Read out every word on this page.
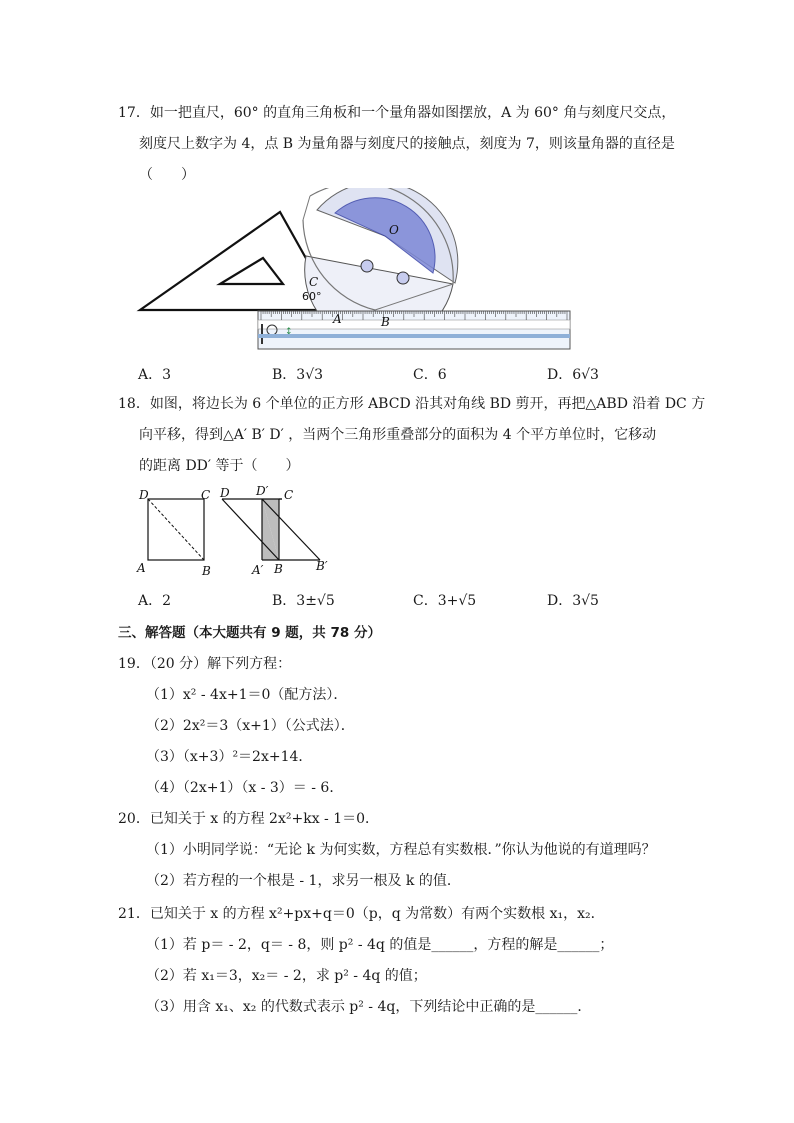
17．如一把直尺，60° 的直角三角板和一个量角器如图摆放，A 为 60° 角与刻度尺交点，
刻度尺上数字为 4，点 B 为量角器与刻度尺的接触点，刻度为 7，则该量角器的直径是
（　　）
O
C
60°
↕
A	B
A．3	B．3√3	C．6	D．6√3
18．如图，将边长为 6 个单位的正方形 ABCD 沿其对角线 BD 剪开，再把△ABD 沿着 DC 方
向平移，得到△A′ B′ D′ ，当两个三角形重叠部分的面积为 4 个平方单位时，它移动
的距离 DD′ 等于（　　）
D	C
A	B
D D′ C
A′ B	B′
A．2	B．3±√5	C．3+√5	D．3√5
三、解答题（本大题共有 9 题，共 78 分）
19．（20 分）解下列方程：
（1）x² - 4x+1＝0（配方法）．
（2）2x²＝3（x+1）（公式法）．
（3）（x+3）²＝2x+14．
（4）（2x+1）（x - 3）＝ - 6．
20．已知关于 x 的方程 2x²+kx - 1＝0．
（1）小明同学说：“无论 k 为何实数，方程总有实数根．”你认为他说的有道理吗？
（2）若方程的一个根是 - 1，求另一根及 k 的值．
21．已知关于 x 的方程 x²+px+q＝0（p，q 为常数）有两个实数根 x₁，x₂．
（1）若 p＝ - 2，q＝ - 8，则 p² - 4q 的值是______，方程的解是______；
（2）若 x₁＝3，x₂＝ - 2，求 p² - 4q 的值；
（3）用含 x₁、x₂ 的代数式表示 p² - 4q，下列结论中正确的是______．
